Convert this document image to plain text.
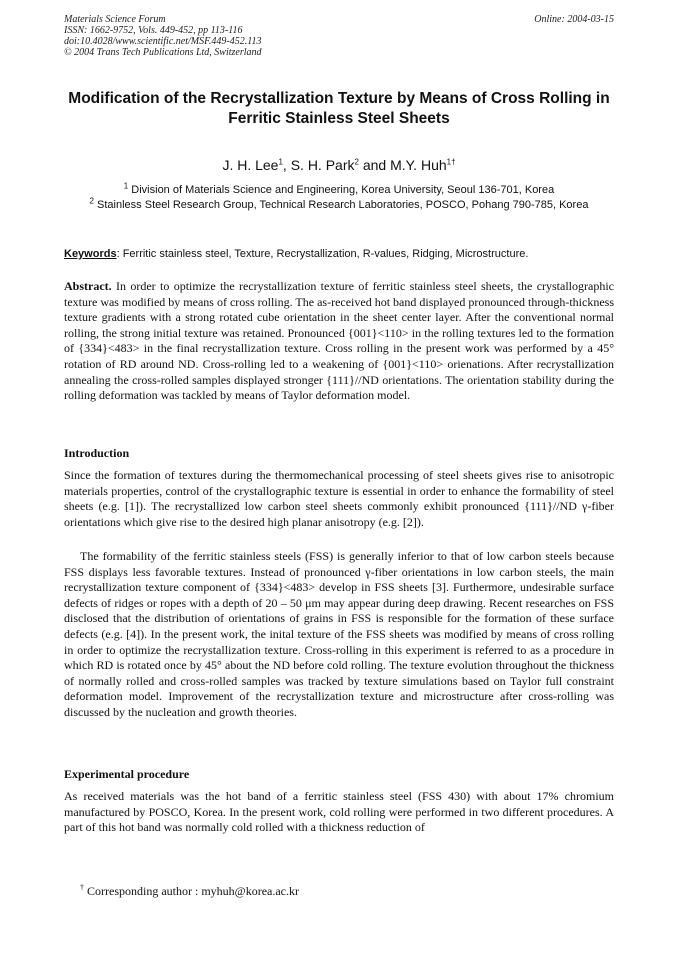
Materials Science Forum
ISSN: 1662-9752, Vols. 449-452, pp 113-116
doi:10.4028/www.scientific.net/MSF.449-452.113
© 2004 Trans Tech Publications Ltd, Switzerland
Online: 2004-03-15
Modification of the Recrystallization Texture by Means of Cross Rolling in Ferritic Stainless Steel Sheets
J. H. Lee$^1$, S. H. Park$^2$ and M.Y. Huh$^{1\dagger}$
$^1$ Division of Materials Science and Engineering, Korea University, Seoul 136-701, Korea
$^2$ Stainless Steel Research Group, Technical Research Laboratories, POSCO, Pohang 790-785, Korea
Keywords: Ferritic stainless steel, Texture, Recrystallization, R-values, Ridging, Microstructure.

Abstract. In order to optimize the recrystallization texture of ferritic stainless steel sheets, the crystallographic texture was modified by means of cross rolling. The as-received hot band displayed pronounced through-thickness texture gradients with a strong rotated cube orientation in the sheet center layer. After the conventional normal rolling, the strong initial texture was retained. Pronounced {001}<110> in the rolling textures led to the formation of {334}<483> in the final recrystallization texture. Cross rolling in the present work was performed by a 45° rotation of RD around ND. Cross-rolling led to a weakening of {001}<110> orienations. After recrystallization annealing the cross-rolled samples displayed stronger {111}//ND orientations. The orientation stability during the rolling deformation was tackled by means of Taylor deformation model.

Introduction

Since the formation of textures during the thermomechanical processing of steel sheets gives rise to anisotropic materials properties, control of the crystallographic texture is essential in order to enhance the formability of steel sheets (e.g. [1]). The recrystallized low carbon steel sheets commonly exhibit pronounced {111}//ND γ-fiber orientations which give rise to the desired high planar anisotropy (e.g. [2]).

The formability of the ferritic stainless steels (FSS) is generally inferior to that of low carbon steels because FSS displays less favorable textures. Instead of pronounced γ-fiber orientations in low carbon steels, the main recrystallization texture component of {334}<483> develop in FSS sheets [3]. Furthermore, undesirable surface defects of ridges or ropes with a depth of 20 – 50 μm may appear during deep drawing. Recent researches on FSS disclosed that the distribution of orientations of grains in FSS is responsible for the formation of these surface defects (e.g. [4]). In the present work, the inital texture of the FSS sheets was modified by means of cross rolling in order to optimize the recrystallization texture. Cross-rolling in this experiment is referred to as a procedure in which RD is rotated once by 45° about the ND before cold rolling. The texture evolution throughout the thickness of normally rolled and cross-rolled samples was tracked by texture simulations based on Taylor full constraint deformation model. Improvement of the recrystallization texture and microstructure after cross-rolling was discussed by the nucleation and growth theories.

Experimental procedure

As received materials was the hot band of a ferritic stainless steel (FSS 430) with about 17% chromium manufactured by POSCO, Korea. In the present work, cold rolling were performed in two different procedures. A part of this hot band was normally cold rolled with a thickness reduction of

† Corresponding author : myhuh@korea.ac.kr
